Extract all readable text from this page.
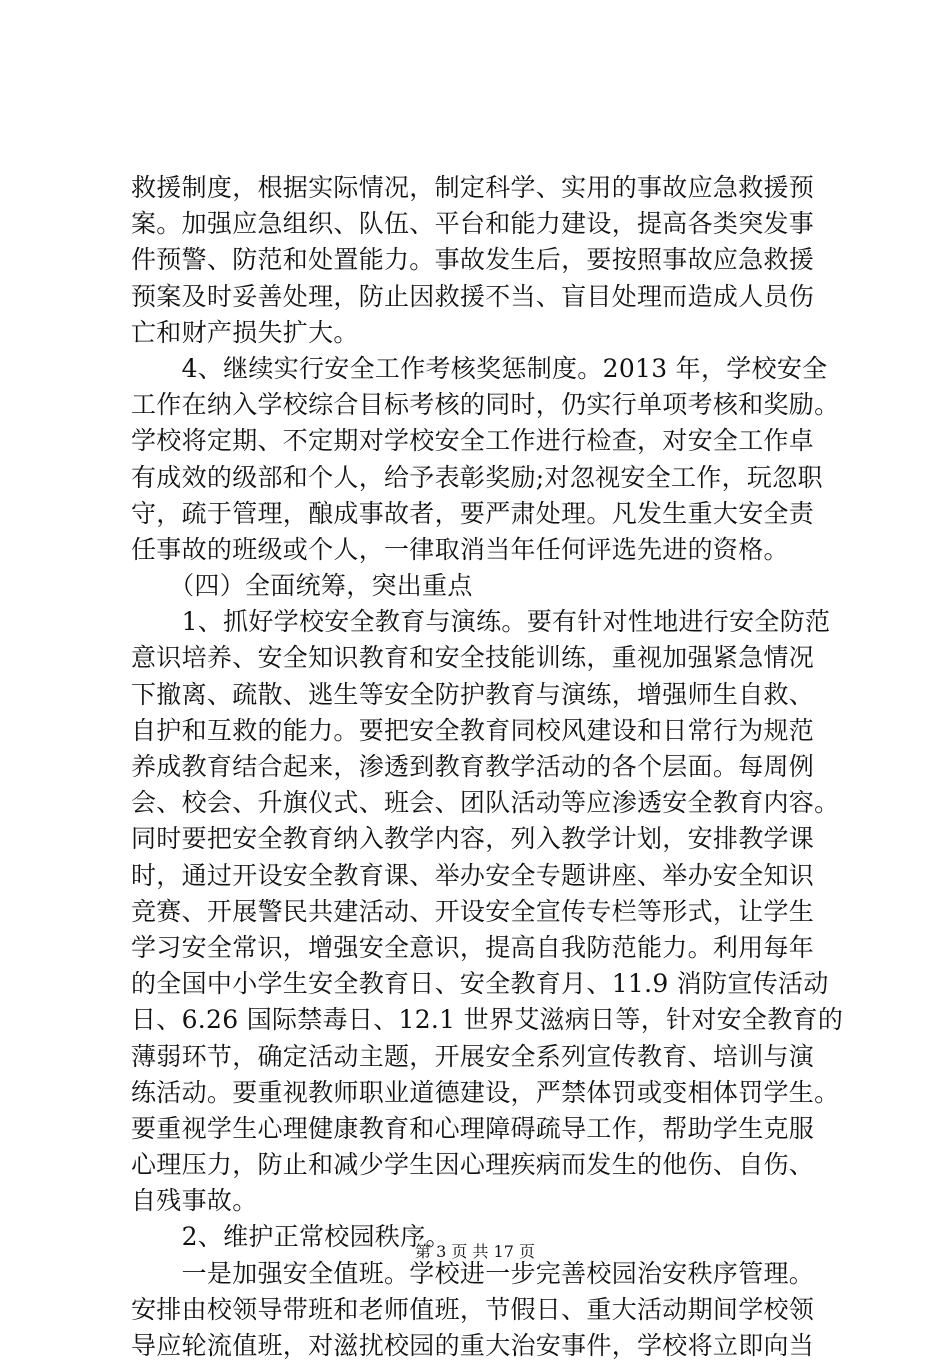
救援制度，根据实际情况，制定科学、实用的事故应急救援预
案。加强应急组织、队伍、平台和能力建设，提高各类突发事
件预警、防范和处置能力。事故发生后，要按照事故应急救援
预案及时妥善处理，防止因救援不当、盲目处理而造成人员伤
亡和财产损失扩大。
　　4、继续实行安全工作考核奖惩制度。2013 年，学校安全
工作在纳入学校综合目标考核的同时，仍实行单项考核和奖励。
学校将定期、不定期对学校安全工作进行检查，对安全工作卓
有成效的级部和个人，给予表彰奖励;对忽视安全工作，玩忽职
守，疏于管理，酿成事故者，要严肃处理。凡发生重大安全责
任事故的班级或个人，一律取消当年任何评选先进的资格。
　　（四）全面统筹，突出重点
　　1、抓好学校安全教育与演练。要有针对性地进行安全防范
意识培养、安全知识教育和安全技能训练，重视加强紧急情况
下撤离、疏散、逃生等安全防护教育与演练，增强师生自救、
自护和互救的能力。要把安全教育同校风建设和日常行为规范
养成教育结合起来，渗透到教育教学活动的各个层面。每周例
会、校会、升旗仪式、班会、团队活动等应渗透安全教育内容。
同时要把安全教育纳入教学内容，列入教学计划，安排教学课
时，通过开设安全教育课、举办安全专题讲座、举办安全知识
竞赛、开展警民共建活动、开设安全宣传专栏等形式，让学生
学习安全常识，增强安全意识，提高自我防范能力。利用每年
的全国中小学生安全教育日、安全教育月、11.9 消防宣传活动
日、6.26 国际禁毒日、12.1 世界艾滋病日等，针对安全教育的
薄弱环节，确定活动主题，开展安全系列宣传教育、培训与演
练活动。要重视教师职业道德建设，严禁体罚或变相体罚学生。
要重视学生心理健康教育和心理障碍疏导工作，帮助学生克服
心理压力，防止和减少学生因心理疾病而发生的他伤、自伤、
自残事故。
　　2、维护正常校园秩序。
　　一是加强安全值班。学校进一步完善校园治安秩序管理。
安排由校领导带班和老师值班，节假日、重大活动期间学校领
导应轮流值班，对滋扰校园的重大治安事件，学校将立即向当
第 3 页 共 17 页
